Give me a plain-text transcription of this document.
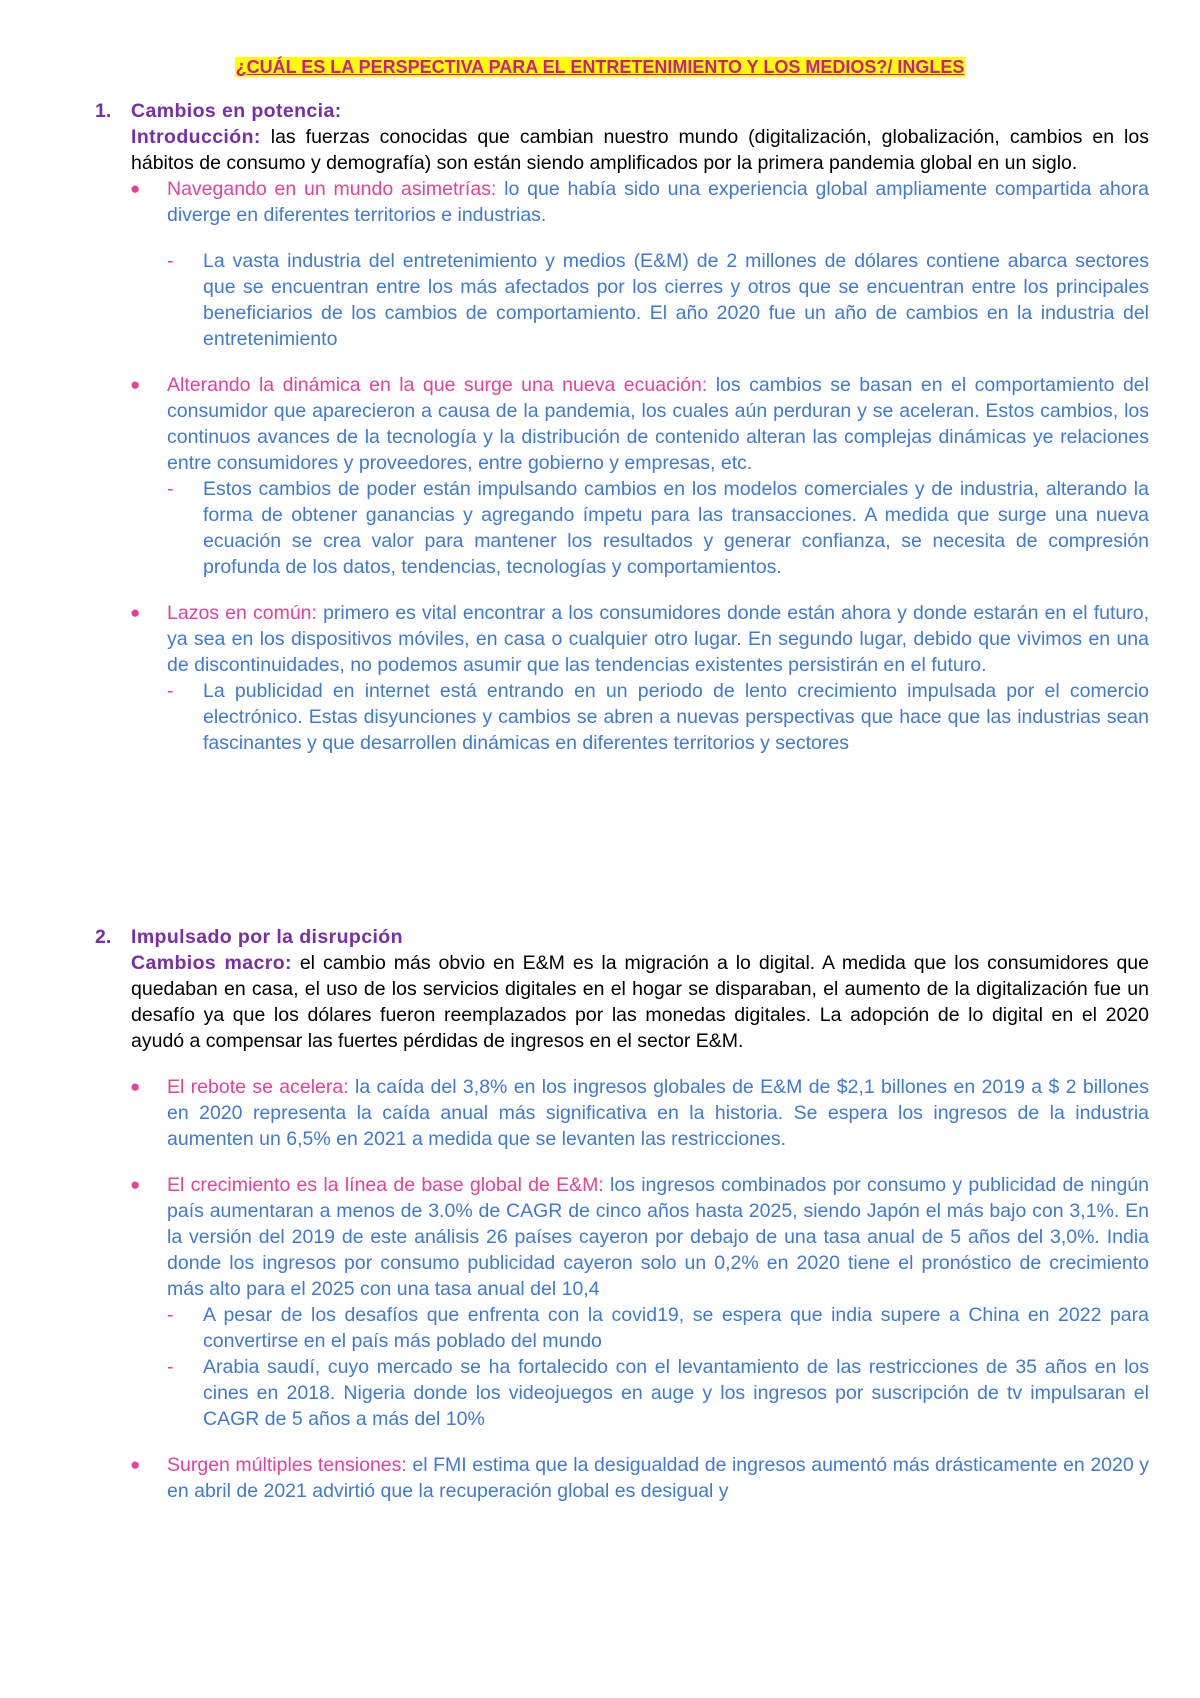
¿CUÁL ES LA PERSPECTIVA PARA EL ENTRETENIMIENTO Y LOS MEDIOS?/ INGLES
1.	Cambios en potencia:
Introducción: las fuerzas conocidas que cambian nuestro mundo (digitalización, globalización, cambios en los hábitos de consumo y demografía) son están siendo amplificados por la primera pandemia global en un siglo.
● Navegando en un mundo asimetrías: lo que había sido una experiencia global ampliamente compartida ahora diverge en diferentes territorios e industrias.
- La vasta industria del entretenimiento y medios (E&M) de 2 millones de dólares contiene abarca sectores que se encuentran entre los más afectados por los cierres y otros que se encuentran entre los principales beneficiarios de los cambios de comportamiento. El año 2020 fue un año de cambios en la industria del entretenimiento
● Alterando la dinámica en la que surge una nueva ecuación: los cambios se basan en el comportamiento del consumidor que aparecieron a causa de la pandemia, los cuales aún perduran y se aceleran. Estos cambios, los continuos avances de la tecnología y la distribución de contenido alteran las complejas dinámicas ye relaciones entre consumidores y proveedores, entre gobierno y empresas, etc.
- Estos cambios de poder están impulsando cambios en los modelos comerciales y de industria, alterando la forma de obtener ganancias y agregando ímpetu para las transacciones. A medida que surge una nueva ecuación se crea valor para mantener los resultados y generar confianza, se necesita de compresión profunda de los datos, tendencias, tecnologías y comportamientos.
● Lazos en común: primero es vital encontrar a los consumidores donde están ahora y donde estarán en el futuro, ya sea en los dispositivos móviles, en casa o cualquier otro lugar. En segundo lugar, debido que vivimos en una de discontinuidades, no podemos asumir que las tendencias existentes persistirán en el futuro.
- La publicidad en internet está entrando en un periodo de lento crecimiento impulsada por el comercio electrónico. Estas disyunciones y cambios se abren a nuevas perspectivas que hace que las industrias sean fascinantes y que desarrollen dinámicas en diferentes territorios y sectores
2.	Impulsado por la disrupción
Cambios macro: el cambio más obvio en E&M es la migración a lo digital. A medida que los consumidores que quedaban en casa, el uso de los servicios digitales en el hogar se disparaban, el aumento de la digitalización fue un desafío ya que los dólares fueron reemplazados por las monedas digitales. La adopción de lo digital en el 2020 ayudó a compensar las fuertes pérdidas de ingresos en el sector E&M.
● El rebote se acelera: la caída del 3,8% en los ingresos globales de E&M de $2,1 billones en 2019 a $ 2 billones en 2020 representa la caída anual más significativa en la historia. Se espera los ingresos de la industria aumenten un 6,5% en 2021 a medida que se levanten las restricciones.
● El crecimiento es la línea de base global de E&M: los ingresos combinados por consumo y publicidad de ningún país aumentaran a menos de 3.0% de CAGR de cinco años hasta 2025, siendo Japón el más bajo con 3,1%. En la versión del 2019 de este análisis 26 países cayeron por debajo de una tasa anual de 5 años del 3,0%. India donde los ingresos por consumo publicidad cayeron solo un 0,2% en 2020 tiene el pronóstico de crecimiento más alto para el 2025 con una tasa anual del 10,4
- A pesar de los desafíos que enfrenta con la covid19, se espera que india supere a China en 2022 para convertirse en el país más poblado del mundo
- Arabia saudí, cuyo mercado se ha fortalecido con el levantamiento de las restricciones de 35 años en los cines en 2018. Nigeria donde los videojuegos en auge y los ingresos por suscripción de tv impulsaran el CAGR de 5 años a más del 10%
● Surgen múltiples tensiones: el FMI estima que la desigualdad de ingresos aumentó más drásticamente en 2020 y en abril de 2021 advirtió que la recuperación global es desigual y
